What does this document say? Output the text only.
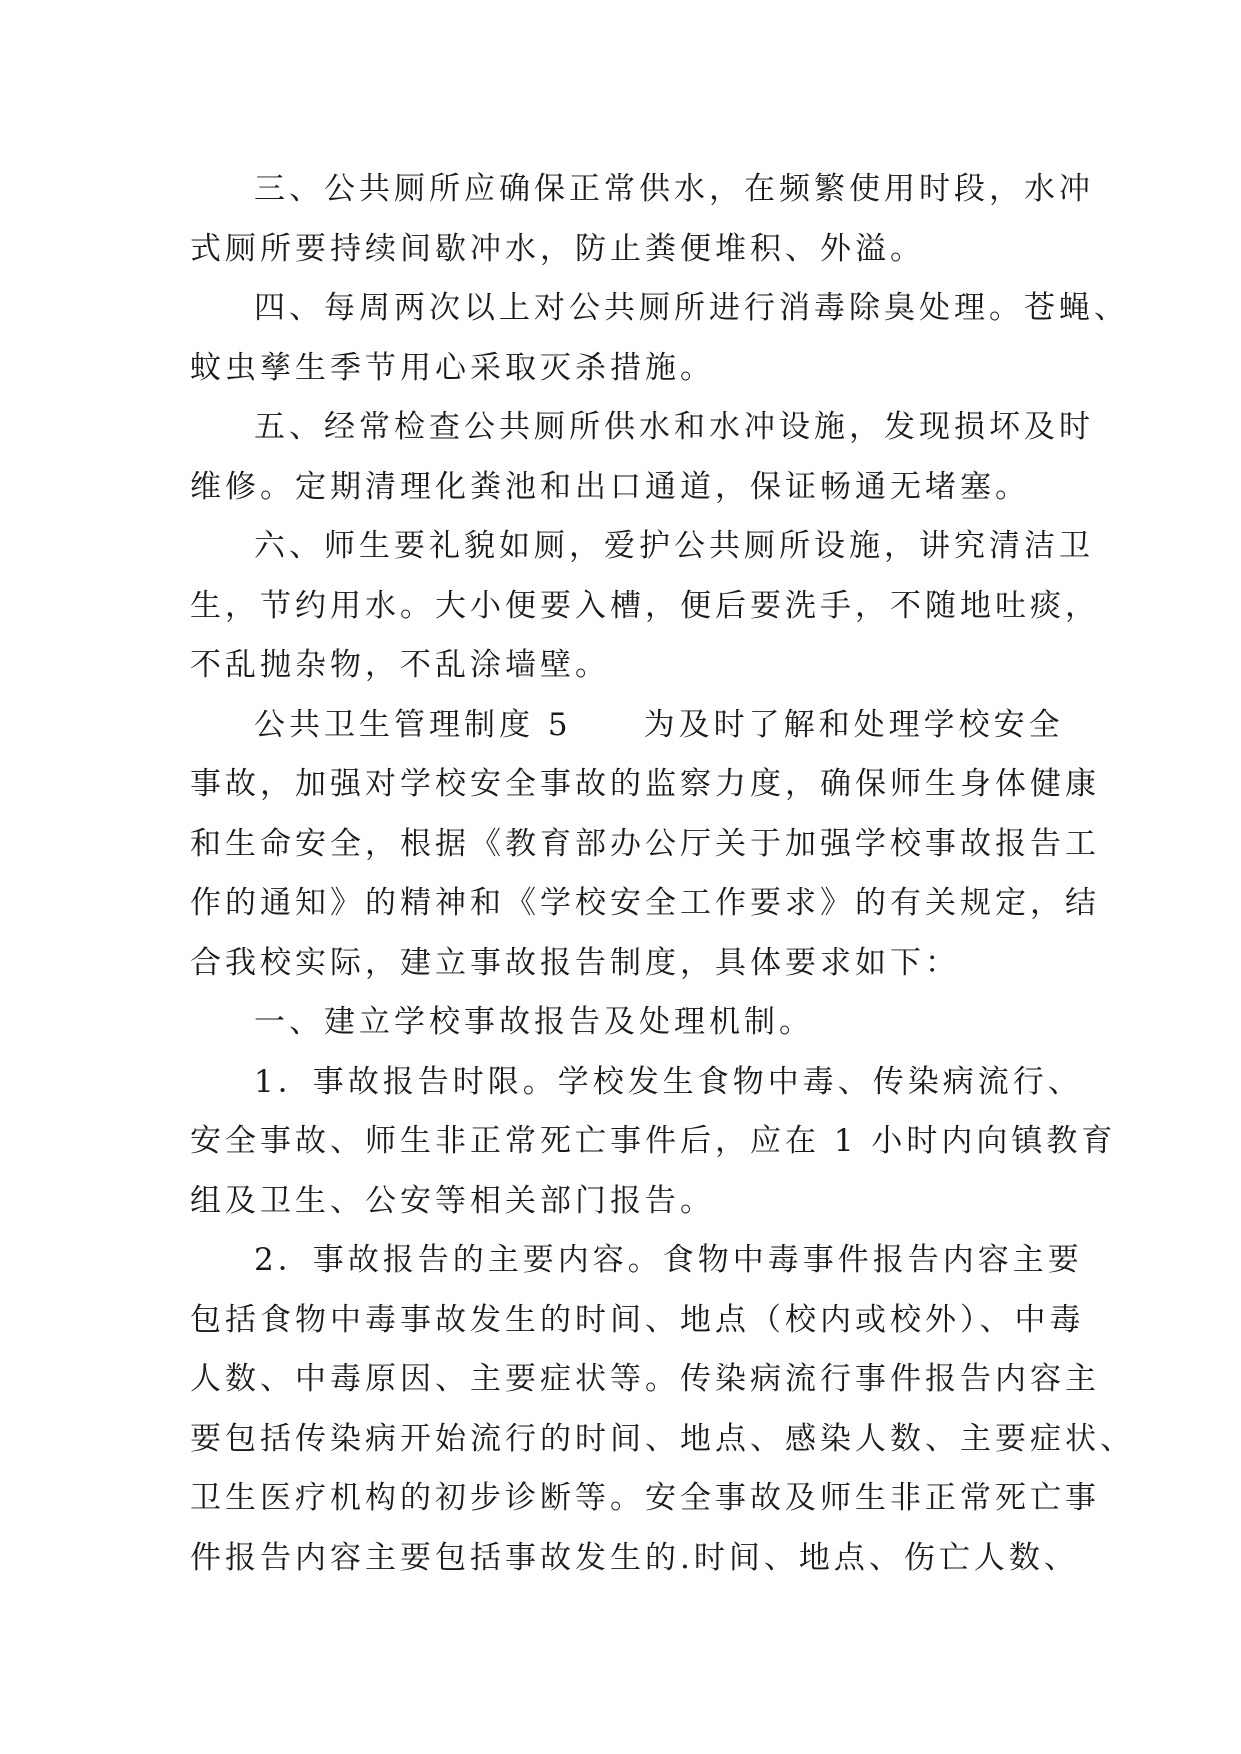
三、公共厕所应确保正常供水，在频繁使用时段，水冲
式厕所要持续间歇冲水，防止粪便堆积、外溢。
四、每周两次以上对公共厕所进行消毒除臭处理。苍蝇、
蚊虫孳生季节用心采取灭杀措施。
五、经常检查公共厕所供水和水冲设施，发现损坏及时
维修。定期清理化粪池和出口通道，保证畅通无堵塞。
六、师生要礼貌如厕，爱护公共厕所设施，讲究清洁卫
生，节约用水。大小便要入槽，便后要洗手，不随地吐痰，
不乱抛杂物，不乱涂墙壁。
公共卫生管理制度 5 为及时了解和处理学校安全
事故，加强对学校安全事故的监察力度，确保师生身体健康
和生命安全，根据《教育部办公厅关于加强学校事故报告工
作的通知》的精神和《学校安全工作要求》的有关规定，结
合我校实际，建立事故报告制度，具体要求如下：
一、建立学校事故报告及处理机制。
1．事故报告时限。学校发生食物中毒、传染病流行、
安全事故、师生非正常死亡事件后，应在 1 小时内向镇教育
组及卫生、公安等相关部门报告。
2．事故报告的主要内容。食物中毒事件报告内容主要
包括食物中毒事故发生的时间、地点（校内或校外）、中毒
人数、中毒原因、主要症状等。传染病流行事件报告内容主
要包括传染病开始流行的时间、地点、感染人数、主要症状、
卫生医疗机构的初步诊断等。安全事故及师生非正常死亡事
件报告内容主要包括事故发生的.时间、地点、伤亡人数、
